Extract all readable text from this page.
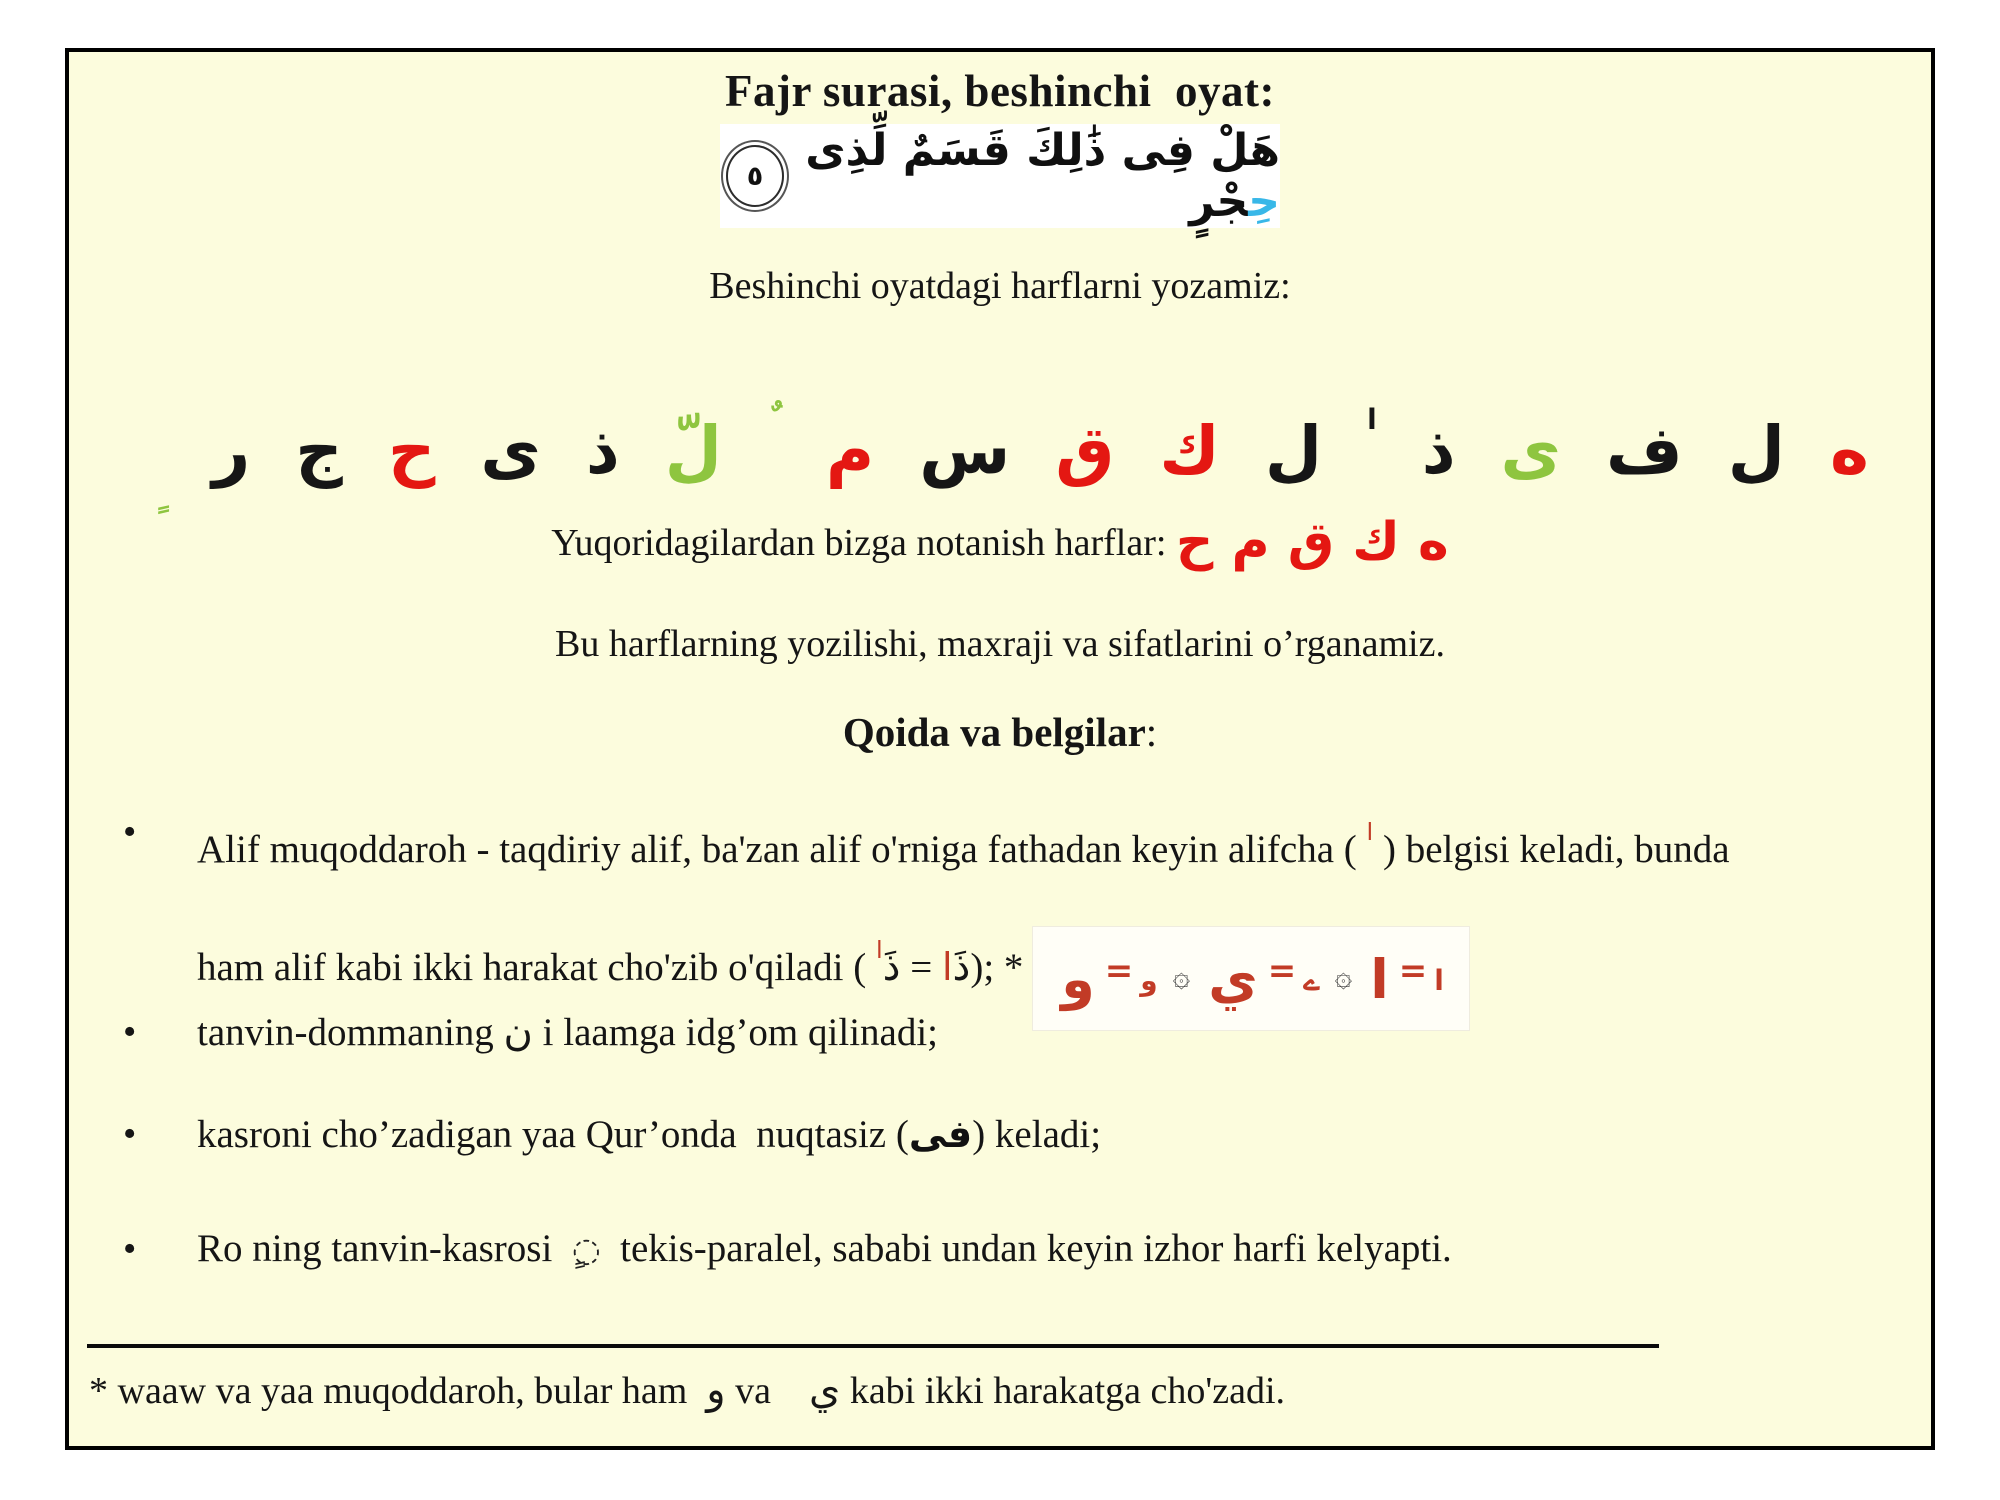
Fajr surasi, beshinchi  oyat:
هَلْ فِى ذَٰلِكَ قَسَمٌ لِّذِى حِجْرٍ
٥
Beshinchi oyatdagi harflarni yozamiz:
ه ل ف ى ذ $^ا$ ل ك ق س م  ٌ لّ ذ ى ح ج ر  $_ٍ$
Yuqoridagilardan bizga notanish harflar: ه ك ق م ح
Bu harflarning yozilishi, maxraji va sifatlarini o’rganamiz.
Qoida va belgilar:
• Alif muqoddaroh - taqdiriy alif, ba'zan alif o'rniga fathadan keyin alifcha ( $^ا$ ) belgisi keladi, bunda
ham alif kabi ikki harakat cho'zib o'qiladi ( ذَا = ذَ$^ا$ ); *	$^ا$=ا$^{۞ے}$=ي$^{۞و}$=و
• tanvin-dommaning ن i laamga idg’om qilinadi;
• kasroni cho’zadigan yaa Qur’onda  nuqtasiz (فى) keladi;
• Ro ning tanvin-kasrosi  ◌ٍ  tekis-paralel, sababi undan keyin izhor harfi kelyapti.
* waaw va yaa muqoddaroh, bular ham  و va    ي kabi ikki harakatga cho'zadi.
